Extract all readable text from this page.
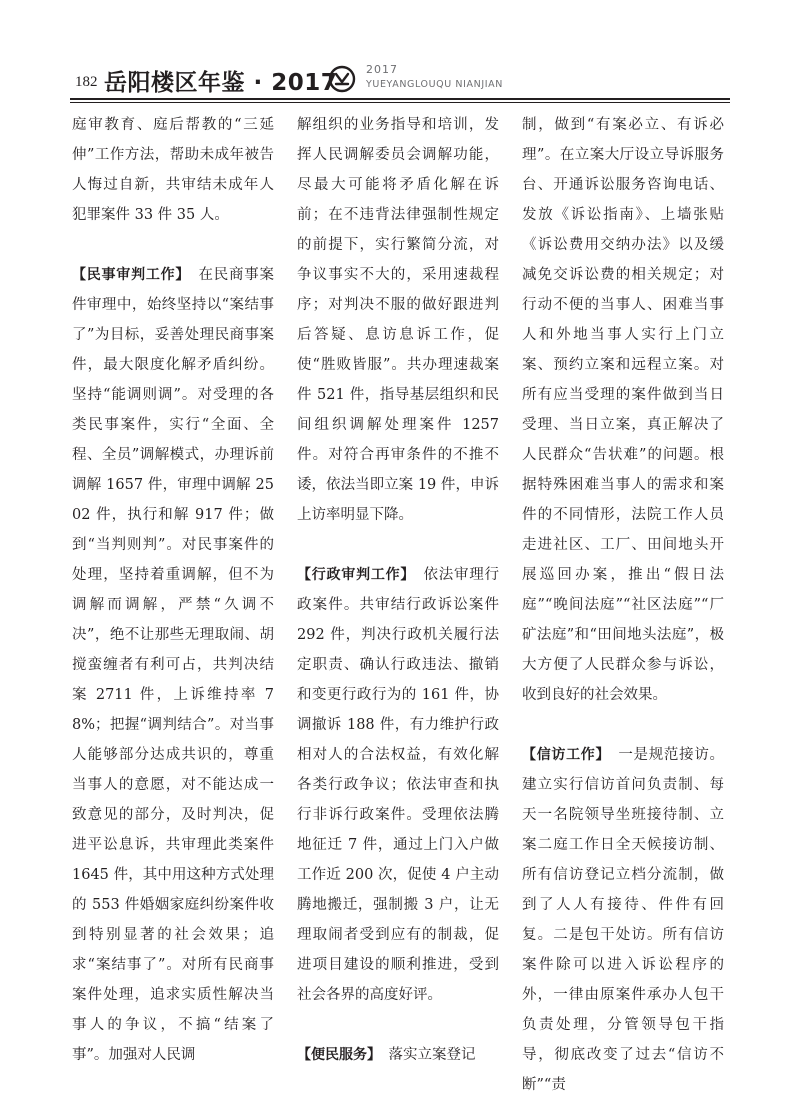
182 岳阳楼区年鉴 · 2017
2017
YUEYANGLOUQU NIANJIAN

庭审教育、庭后帮教的“三延伸”工作方法，帮助未成年被告人悔过自新，共审结未成年人犯罪案件 33 件 35 人。

【民事审判工作】　 在民商事案件审理中，始终坚持以“案结事了”为目标，妥善处理民商事案件，最大限度化解矛盾纠纷。坚持“能调则调”。对受理的各类民事案件，实行“全面、全程、全员”调解模式，办理诉前调解 1657 件，审理中调解 2502 件，执行和解 917 件；做到“当判则判”。对民事案件的处理，坚持着重调解，但不为调解而调解，严禁“久调不决”，绝不让那些无理取闹、胡搅蛮缠者有利可占，共判决结案 2711 件，上诉维持率 78%；把握“调判结合”。对当事人能够部分达成共识的，尊重当事人的意愿，对不能达成一致意见的部分，及时判决，促进平讼息诉，共审理此类案件 1645 件，其中用这种方式处理的 553 件婚姻家庭纠纷案件收到特别显著的社会效果；追求“案结事了”。对所有民商事案件处理，追求实质性解决当事人的争议，不搞“结案了事”。加强对人民调

解组织的业务指导和培训，发挥人民调解委员会调解功能，尽最大可能将矛盾化解在诉前；在不违背法律强制性规定的前提下，实行繁简分流，对争议事实不大的，采用速裁程序；对判决不服的做好跟进判后答疑、息访息诉工作，促使“胜败皆服”。共办理速裁案件 521 件，指导基层组织和民间组织调解处理案件 1257 件。对符合再审条件的不推不诿，依法当即立案 19 件，申诉上访率明显下降。

【行政审判工作】　 依法审理行政案件。共审结行政诉讼案件 292 件，判决行政机关履行法定职责、确认行政违法、撤销和变更行政行为的 161 件，协调撤诉 188 件，有力维护行政相对人的合法权益，有效化解各类行政争议；依法审查和执行非诉行政案件。受理依法腾地征迁 7 件，通过上门入户做工作近 200 次，促使 4 户主动腾地搬迁，强制搬 3 户，让无理取闹者受到应有的制裁，促进项目建设的顺利推进，受到社会各界的高度好评。

【便民服务】　 落实立案登记

制，做到“有案必立、有诉必理”。在立案大厅设立导诉服务台、开通诉讼服务咨询电话、发放《诉讼指南》、上墙张贴《诉讼费用交纳办法》以及缓减免交诉讼费的相关规定；对行动不便的当事人、困难当事人和外地当事人实行上门立案、预约立案和远程立案。对所有应当受理的案件做到当日受理、当日立案，真正解决了人民群众“告状难”的问题。根据特殊困难当事人的需求和案件的不同情形，法院工作人员走进社区、工厂、田间地头开展巡回办案，推出“假日法庭”“晚间法庭”“社区法庭”“厂矿法庭”和“田间地头法庭”，极大方便了人民群众参与诉讼，收到良好的社会效果。

【信访工作】　 一是规范接访。建立实行信访首问负责制、每天一名院领导坐班接待制、立案二庭工作日全天候接访制、所有信访登记立档分流制，做到了人人有接待、件件有回复。二是包干处访。所有信访案件除可以进入诉讼程序的外，一律由原案件承办人包干负责处理，分管领导包干指导，彻底改变了过去“信访不断”“责
